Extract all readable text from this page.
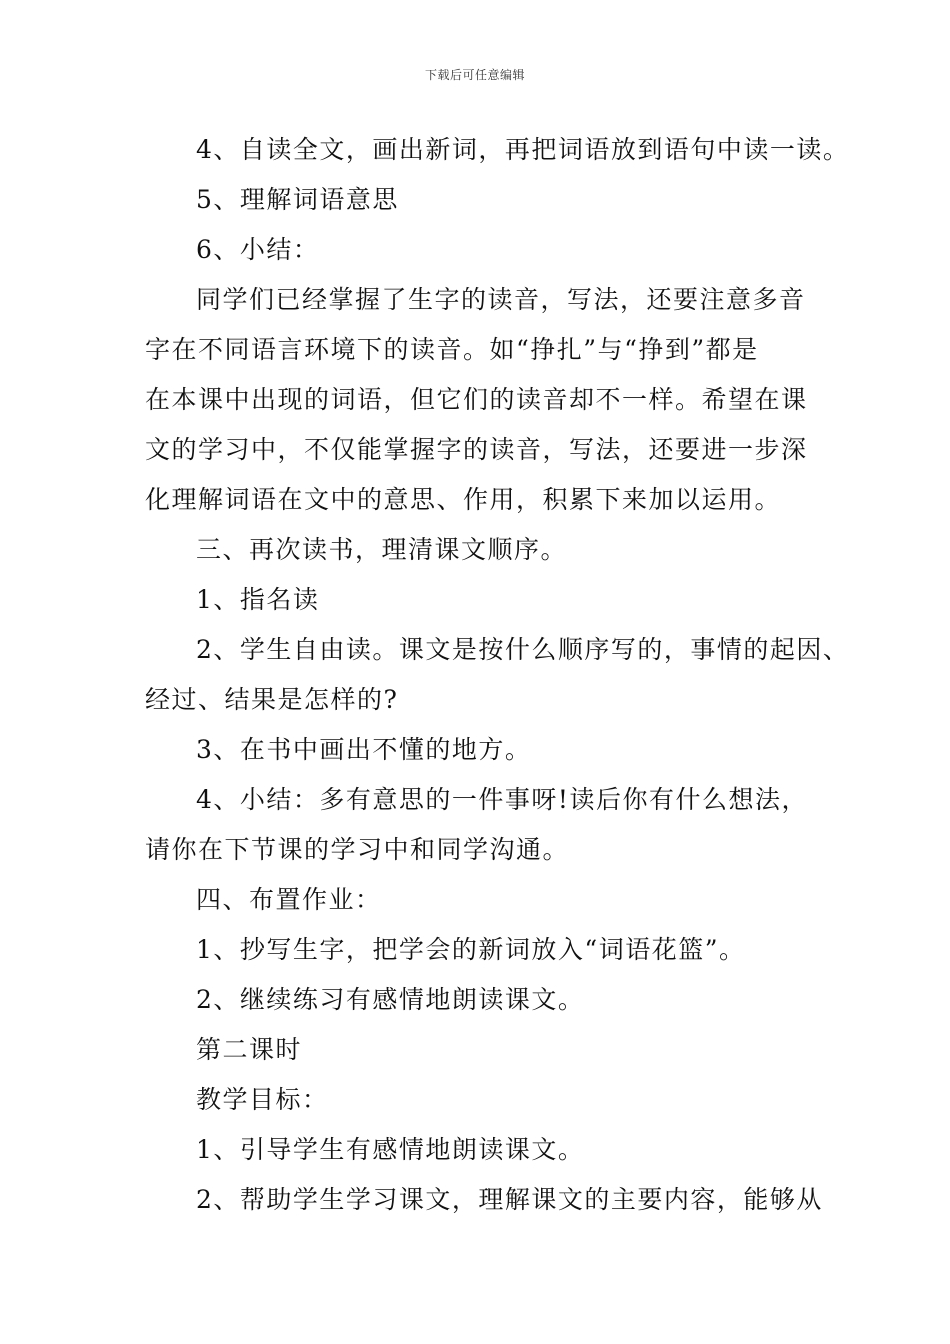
下载后可任意编辑
4、自读全文，画出新词，再把词语放到语句中读一读。
5、理解词语意思
6、小结：
同学们已经掌握了生字的读音，写法，还要注意多音
字在不同语言环境下的读音。如“挣扎”与“挣到”都是
在本课中出现的词语，但它们的读音却不一样。希望在课
文的学习中，不仅能掌握字的读音，写法，还要进一步深
化理解词语在文中的意思、作用，积累下来加以运用。
三、再次读书，理清课文顺序。
1、指名读
2、学生自由读。课文是按什么顺序写的，事情的起因、
经过、结果是怎样的?
3、在书中画出不懂的地方。
4、小结：多有意思的一件事呀!读后你有什么想法，
请你在下节课的学习中和同学沟通。
四、布置作业：
1、抄写生字，把学会的新词放入“词语花篮”。
2、继续练习有感情地朗读课文。
第二课时
教学目标：
1、引导学生有感情地朗读课文。
2、帮助学生学习课文，理解课文的主要内容，能够从
